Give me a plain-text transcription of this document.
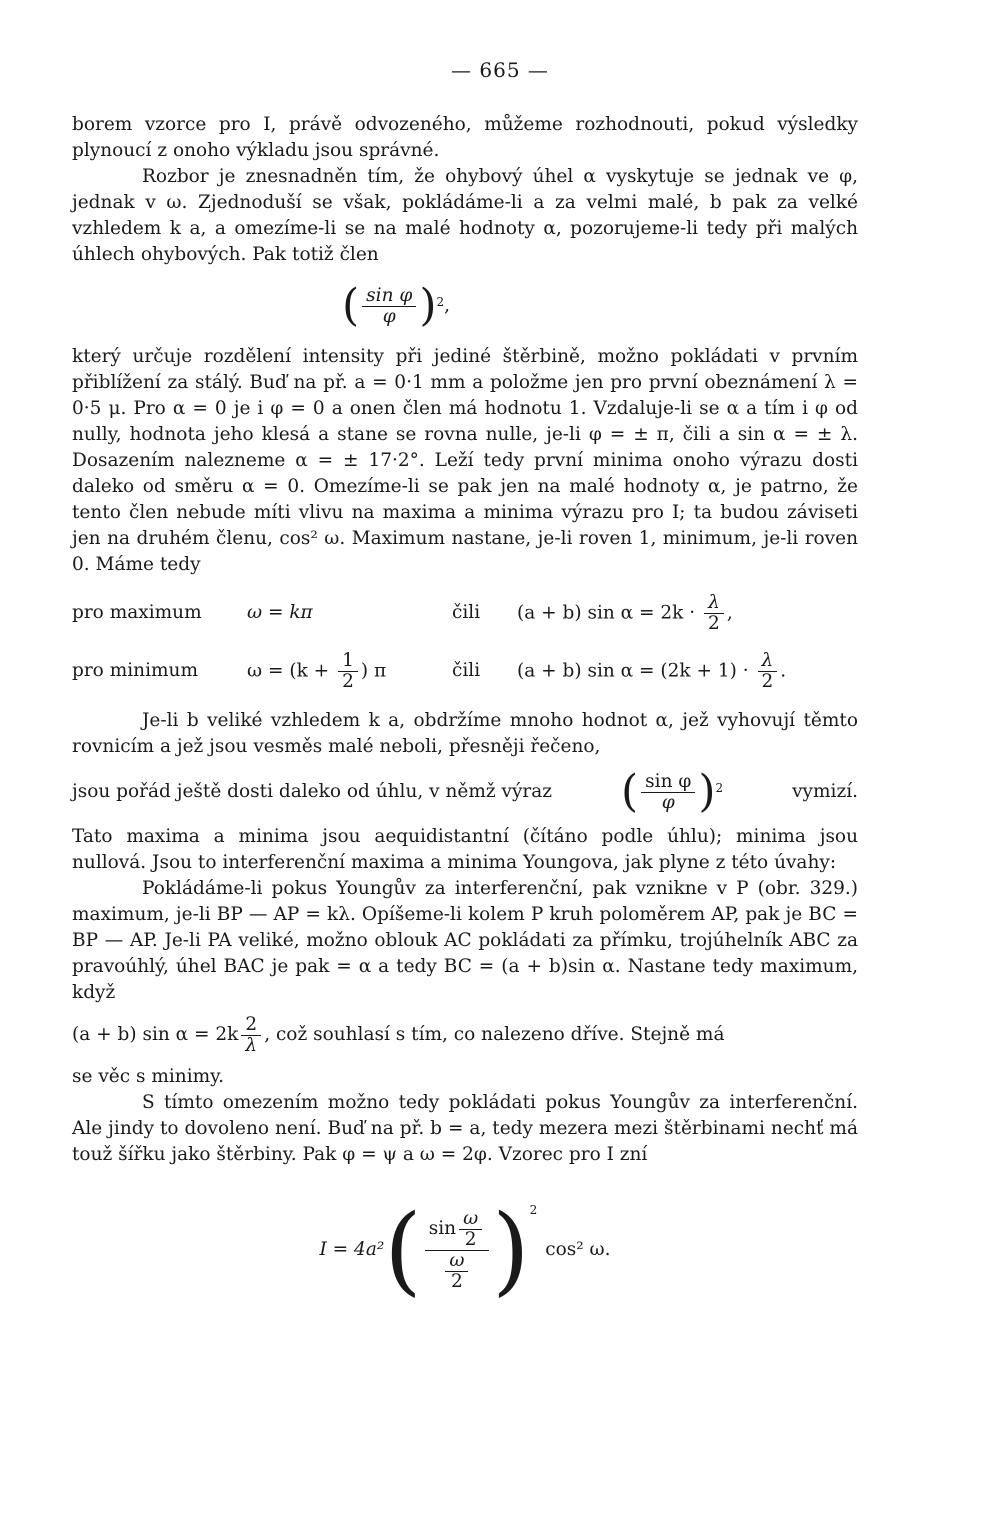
— 665 —

borem vzorce pro I, právě odvozeného, můžeme rozhodnouti, pokud výsledky plynoucí z onoho výkladu jsou správné.

Rozbor je znesnadněn tím, že ohybový úhel α vyskytuje se jednak ve φ, jednak v ω. Zjednoduší se však, pokládáme-li a za velmi malé, b pak za velké vzhledem k a, a omezíme-li se na malé hodnoty α, pozorujeme-li tedy při malých úhlech ohybových. Pak totiž člen

( $\frac{\text{sin φ}}{\varphi}$ ) 2 ,

který určuje rozdělení intensity při jediné štěrbině, možno pokládati v prvním přiblížení za stálý. Buď na př. a = 0·1 mm a položme jen pro první obeznámení λ = 0·5 μ. Pro α = 0 je i φ = 0 a onen člen má hodnotu 1. Vzdaluje-li se α a tím i φ od nully, hodnota jeho klesá a stane se rovna nulle, je-li φ = ± π, čili a sin α = ± λ. Dosazením nalezneme α = ± 17·2°. Leží tedy první minima onoho výrazu dosti daleko od směru α = 0. Omezíme-li se pak jen na malé hodnoty α, je patrno, že tento člen nebude míti vlivu na maxima a minima výrazu pro I; ta budou záviseti jen na druhém členu, cos² ω. Maximum nastane, je-li roven 1, minimum, je-li roven 0. Máme tedy

pro maximum	ω = kπ	čili	(a + b) $\sin \alpha = 2k \cdot \frac{\lambda}{2}$ ,
pro minimum	$\omega = (k + \frac{1}{2}$ ) π	čili	(a + b) $\sin \alpha = (2k + 1) \cdot \frac{\lambda}{2}$ .

Je-li b veliké vzhledem k a, obdržíme mnoho hodnot α, jež vyhovují těmto rovnicím a jež jsou vesměs malé neboli, přesněji řečeno,

jsou pořád ještě dosti daleko od úhlu, v němž výraz ( $\frac{\text{sin φ}}{\varphi}$ ) 2	vymizí.

Tato maxima a minima jsou aequidistantní (čítáno podle úhlu); minima jsou nullová. Jsou to interferenční maxima a minima Youngova, jak plyne z této úvahy:

Pokládáme-li pokus Youngův za interferenční, pak vznikne v P (obr. 329.) maximum, je-li BP — AP = kλ. Opíšeme-li kolem P kruh poloměrem AP, pak je BC = BP — AP. Je-li PA veliké, možno oblouk AC pokládati za přímku, trojúhelník ABC za pravoúhlý, úhel BAC je pak = α a tedy BC = (a + b)sin α. Nastane tedy maximum, když

(a + b) $\sin \alpha = 2k \frac{2}{\lambda}$ , což souhlasí s tím, co nalezeno dříve. Stejně má

se věc s minimy.

S tímto omezením možno tedy pokládati pokus Youngův za interferenční. Ale jindy to dovoleno není. Buď na př. b = a, tedy mezera mezi štěrbinami nechť má touž šířku jako štěrbiny. Pak φ = ψ a ω = 2φ. Vzorec pro I zní

I = 4a² ( $\frac{\sin \frac{\omega}{2}}{\frac{\omega}{2}}$ ) 2
cos² ω.
